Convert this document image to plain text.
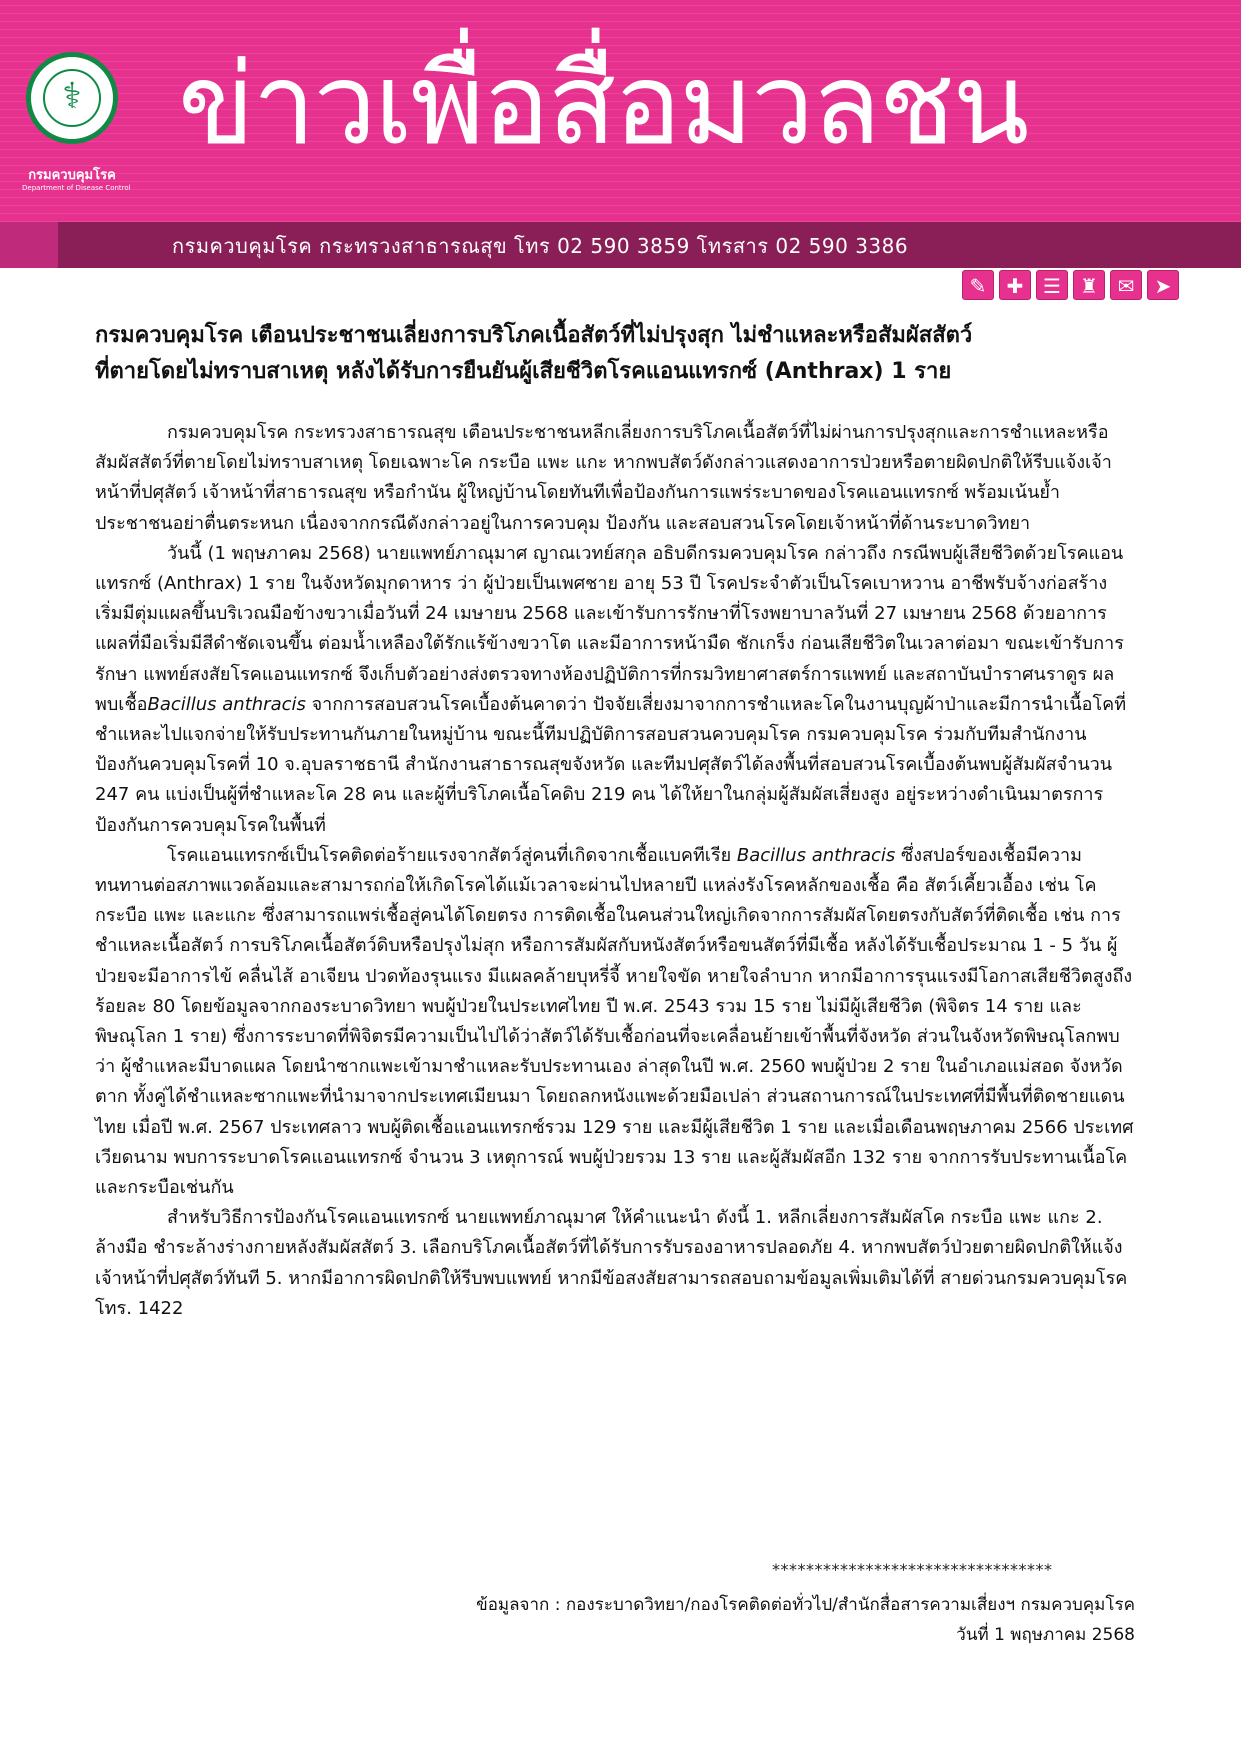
⚕
กรมควบคุมโรค
Department of Disease Control
ข่าวเพื่อสื่อมวลชน
กรมควบคุมโรค กระทรวงสาธารณสุข โทร 02 590 3859 โทรสาร 02 590 3386
✎	✚ ☰ ♜ ✉	➤
กรมควบคุมโรค เตือนประชาชนเลี่ยงการบริโภคเนื้อสัตว์ที่ไม่ปรุงสุก ไม่ชำแหละหรือสัมผัสสัตว์
ที่ตายโดยไม่ทราบสาเหตุ หลังได้รับการยืนยันผู้เสียชีวิตโรคแอนแทรกซ์ (Anthrax) 1 ราย

กรมควบคุมโรค กระทรวงสาธารณสุข เตือนประชาชนหลีกเลี่ยงการบริโภคเนื้อสัตว์ที่ไม่ผ่านการปรุงสุกและการชำแหละหรือสัมผัสสัตว์ที่ตายโดยไม่ทราบสาเหตุ โดยเฉพาะโค กระบือ แพะ แกะ หากพบสัตว์ดังกล่าวแสดงอาการป่วยหรือตายผิดปกติให้รีบแจ้งเจ้าหน้าที่ปศุสัตว์ เจ้าหน้าที่สาธารณสุข หรือกำนัน ผู้ใหญ่บ้านโดยทันทีเพื่อป้องกันการแพร่ระบาดของโรคแอนแทรกซ์ พร้อมเน้นย้ำประชาชนอย่าตื่นตระหนก เนื่องจากกรณีดังกล่าวอยู่ในการควบคุม ป้องกัน และสอบสวนโรคโดยเจ้าหน้าที่ด้านระบาดวิทยา

วันนี้ (1 พฤษภาคม 2568) นายแพทย์ภาณุมาศ ญาณเวทย์สกุล อธิบดีกรมควบคุมโรค กล่าวถึง กรณีพบผู้เสียชีวิตด้วยโรคแอนแทรกซ์ (Anthrax) 1 ราย ในจังหวัดมุกดาหาร ว่า ผู้ป่วยเป็นเพศชาย อายุ 53 ปี โรคประจำตัวเป็นโรคเบาหวาน อาชีพรับจ้างก่อสร้าง เริ่มมีตุ่มแผลขึ้นบริเวณมือข้างขวาเมื่อวันที่ 24 เมษายน 2568 และเข้ารับการรักษาที่โรงพยาบาลวันที่ 27 เมษายน 2568 ด้วยอาการแผลที่มือเริ่มมีสีดำชัดเจนขึ้น ต่อมน้ำเหลืองใต้รักแร้ข้างขวาโต และมีอาการหน้ามืด ชักเกร็ง ก่อนเสียชีวิตในเวลาต่อมา ขณะเข้ารับการรักษา แพทย์สงสัยโรคแอนแทรกซ์ จึงเก็บตัวอย่างส่งตรวจทางห้องปฏิบัติการที่กรมวิทยาศาสตร์การแพทย์ และสถาบันบำราศนราดูร ผลพบเชื้อBacillus anthracis จากการสอบสวนโรคเบื้องต้นคาดว่า ปัจจัยเสี่ยงมาจากการชำแหละโคในงานบุญผ้าป่าและมีการนำเนื้อโคที่ชำแหละไปแจกจ่ายให้รับประทานกันภายในหมู่บ้าน ขณะนี้ทีมปฏิบัติการสอบสวนควบคุมโรค กรมควบคุมโรค ร่วมกับทีมสำนักงานป้องกันควบคุมโรคที่ 10 จ.อุบลราชธานี สำนักงานสาธารณสุขจังหวัด และทีมปศุสัตว์ได้ลงพื้นที่สอบสวนโรคเบื้องต้นพบผู้สัมผัสจำนวน 247 คน แบ่งเป็นผู้ที่ชำแหละโค 28 คน และผู้ที่บริโภคเนื้อโคดิบ 219 คน ได้ให้ยาในกลุ่มผู้สัมผัสเสี่ยงสูง อยู่ระหว่างดำเนินมาตรการป้องกันการควบคุมโรคในพื้นที่

โรคแอนแทรกซ์เป็นโรคติดต่อร้ายแรงจากสัตว์สู่คนที่เกิดจากเชื้อแบคทีเรีย Bacillus anthracis ซึ่งสปอร์ของเชื้อมีความทนทานต่อสภาพแวดล้อมและสามารถก่อให้เกิดโรคได้แม้เวลาจะผ่านไปหลายปี แหล่งรังโรคหลักของเชื้อ คือ สัตว์เคี้ยวเอื้อง เช่น โค กระบือ แพะ และแกะ ซึ่งสามารถแพร่เชื้อสู่คนได้โดยตรง การติดเชื้อในคนส่วนใหญ่เกิดจากการสัมผัสโดยตรงกับสัตว์ที่ติดเชื้อ เช่น การชำแหละเนื้อสัตว์ การบริโภคเนื้อสัตว์ดิบหรือปรุงไม่สุก หรือการสัมผัสกับหนังสัตว์หรือขนสัตว์ที่มีเชื้อ หลังได้รับเชื้อประมาณ 1 - 5 วัน ผู้ป่วยจะมีอาการไข้ คลื่นไส้ อาเจียน ปวดท้องรุนแรง มีแผลคล้ายบุหรี่จี้ หายใจขัด หายใจลำบาก หากมีอาการรุนแรงมีโอกาสเสียชีวิตสูงถึงร้อยละ 80 โดยข้อมูลจากกองระบาดวิทยา พบผู้ป่วยในประเทศไทย ปี พ.ศ. 2543 รวม 15 ราย ไม่มีผู้เสียชีวิต (พิจิตร 14 ราย และพิษณุโลก 1 ราย) ซึ่งการระบาดที่พิจิตรมีความเป็นไปได้ว่าสัตว์ได้รับเชื้อก่อนที่จะเคลื่อนย้ายเข้าพื้นที่จังหวัด ส่วนในจังหวัดพิษณุโลกพบว่า ผู้ชำแหละมีบาดแผล โดยนำซากแพะเข้ามาชำแหละรับประทานเอง ล่าสุดในปี พ.ศ. 2560 พบผู้ป่วย 2 ราย ในอำเภอแม่สอด จังหวัดตาก ทั้งคู่ได้ชำแหละซากแพะที่นำมาจากประเทศเมียนมา โดยถลกหนังแพะด้วยมือเปล่า ส่วนสถานการณ์ในประเทศที่มีพื้นที่ติดชายแดนไทย เมื่อปี พ.ศ. 2567 ประเทศลาว พบผู้ติดเชื้อแอนแทรกซ์รวม 129 ราย และมีผู้เสียชีวิต 1 ราย และเมื่อเดือนพฤษภาคม 2566 ประเทศเวียดนาม พบการระบาดโรคแอนแทรกซ์ จำนวน 3 เหตุการณ์ พบผู้ป่วยรวม 13 ราย และผู้สัมผัสอีก 132 ราย จากการรับประทานเนื้อโคและกระบือเช่นกัน

สำหรับวิธีการป้องกันโรคแอนแทรกซ์ นายแพทย์ภาณุมาศ ให้คำแนะนำ ดังนี้ 1. หลีกเลี่ยงการสัมผัสโค กระบือ แพะ แกะ 2. ล้างมือ ชำระล้างร่างกายหลังสัมผัสสัตว์ 3. เลือกบริโภคเนื้อสัตว์ที่ได้รับการรับรองอาหารปลอดภัย 4. หากพบสัตว์ป่วยตายผิดปกติให้แจ้งเจ้าหน้าที่ปศุสัตว์ทันที 5. หากมีอาการผิดปกติให้รีบพบแพทย์ หากมีข้อสงสัยสามารถสอบถามข้อมูลเพิ่มเติมได้ที่ สายด่วนกรมควบคุมโรค โทร. 1422

*********************************
ข้อมูลจาก : กองระบาดวิทยา/กองโรคติดต่อทั่วไป/สำนักสื่อสารความเสี่ยงฯ กรมควบคุมโรค
วันที่ 1 พฤษภาคม 2568
